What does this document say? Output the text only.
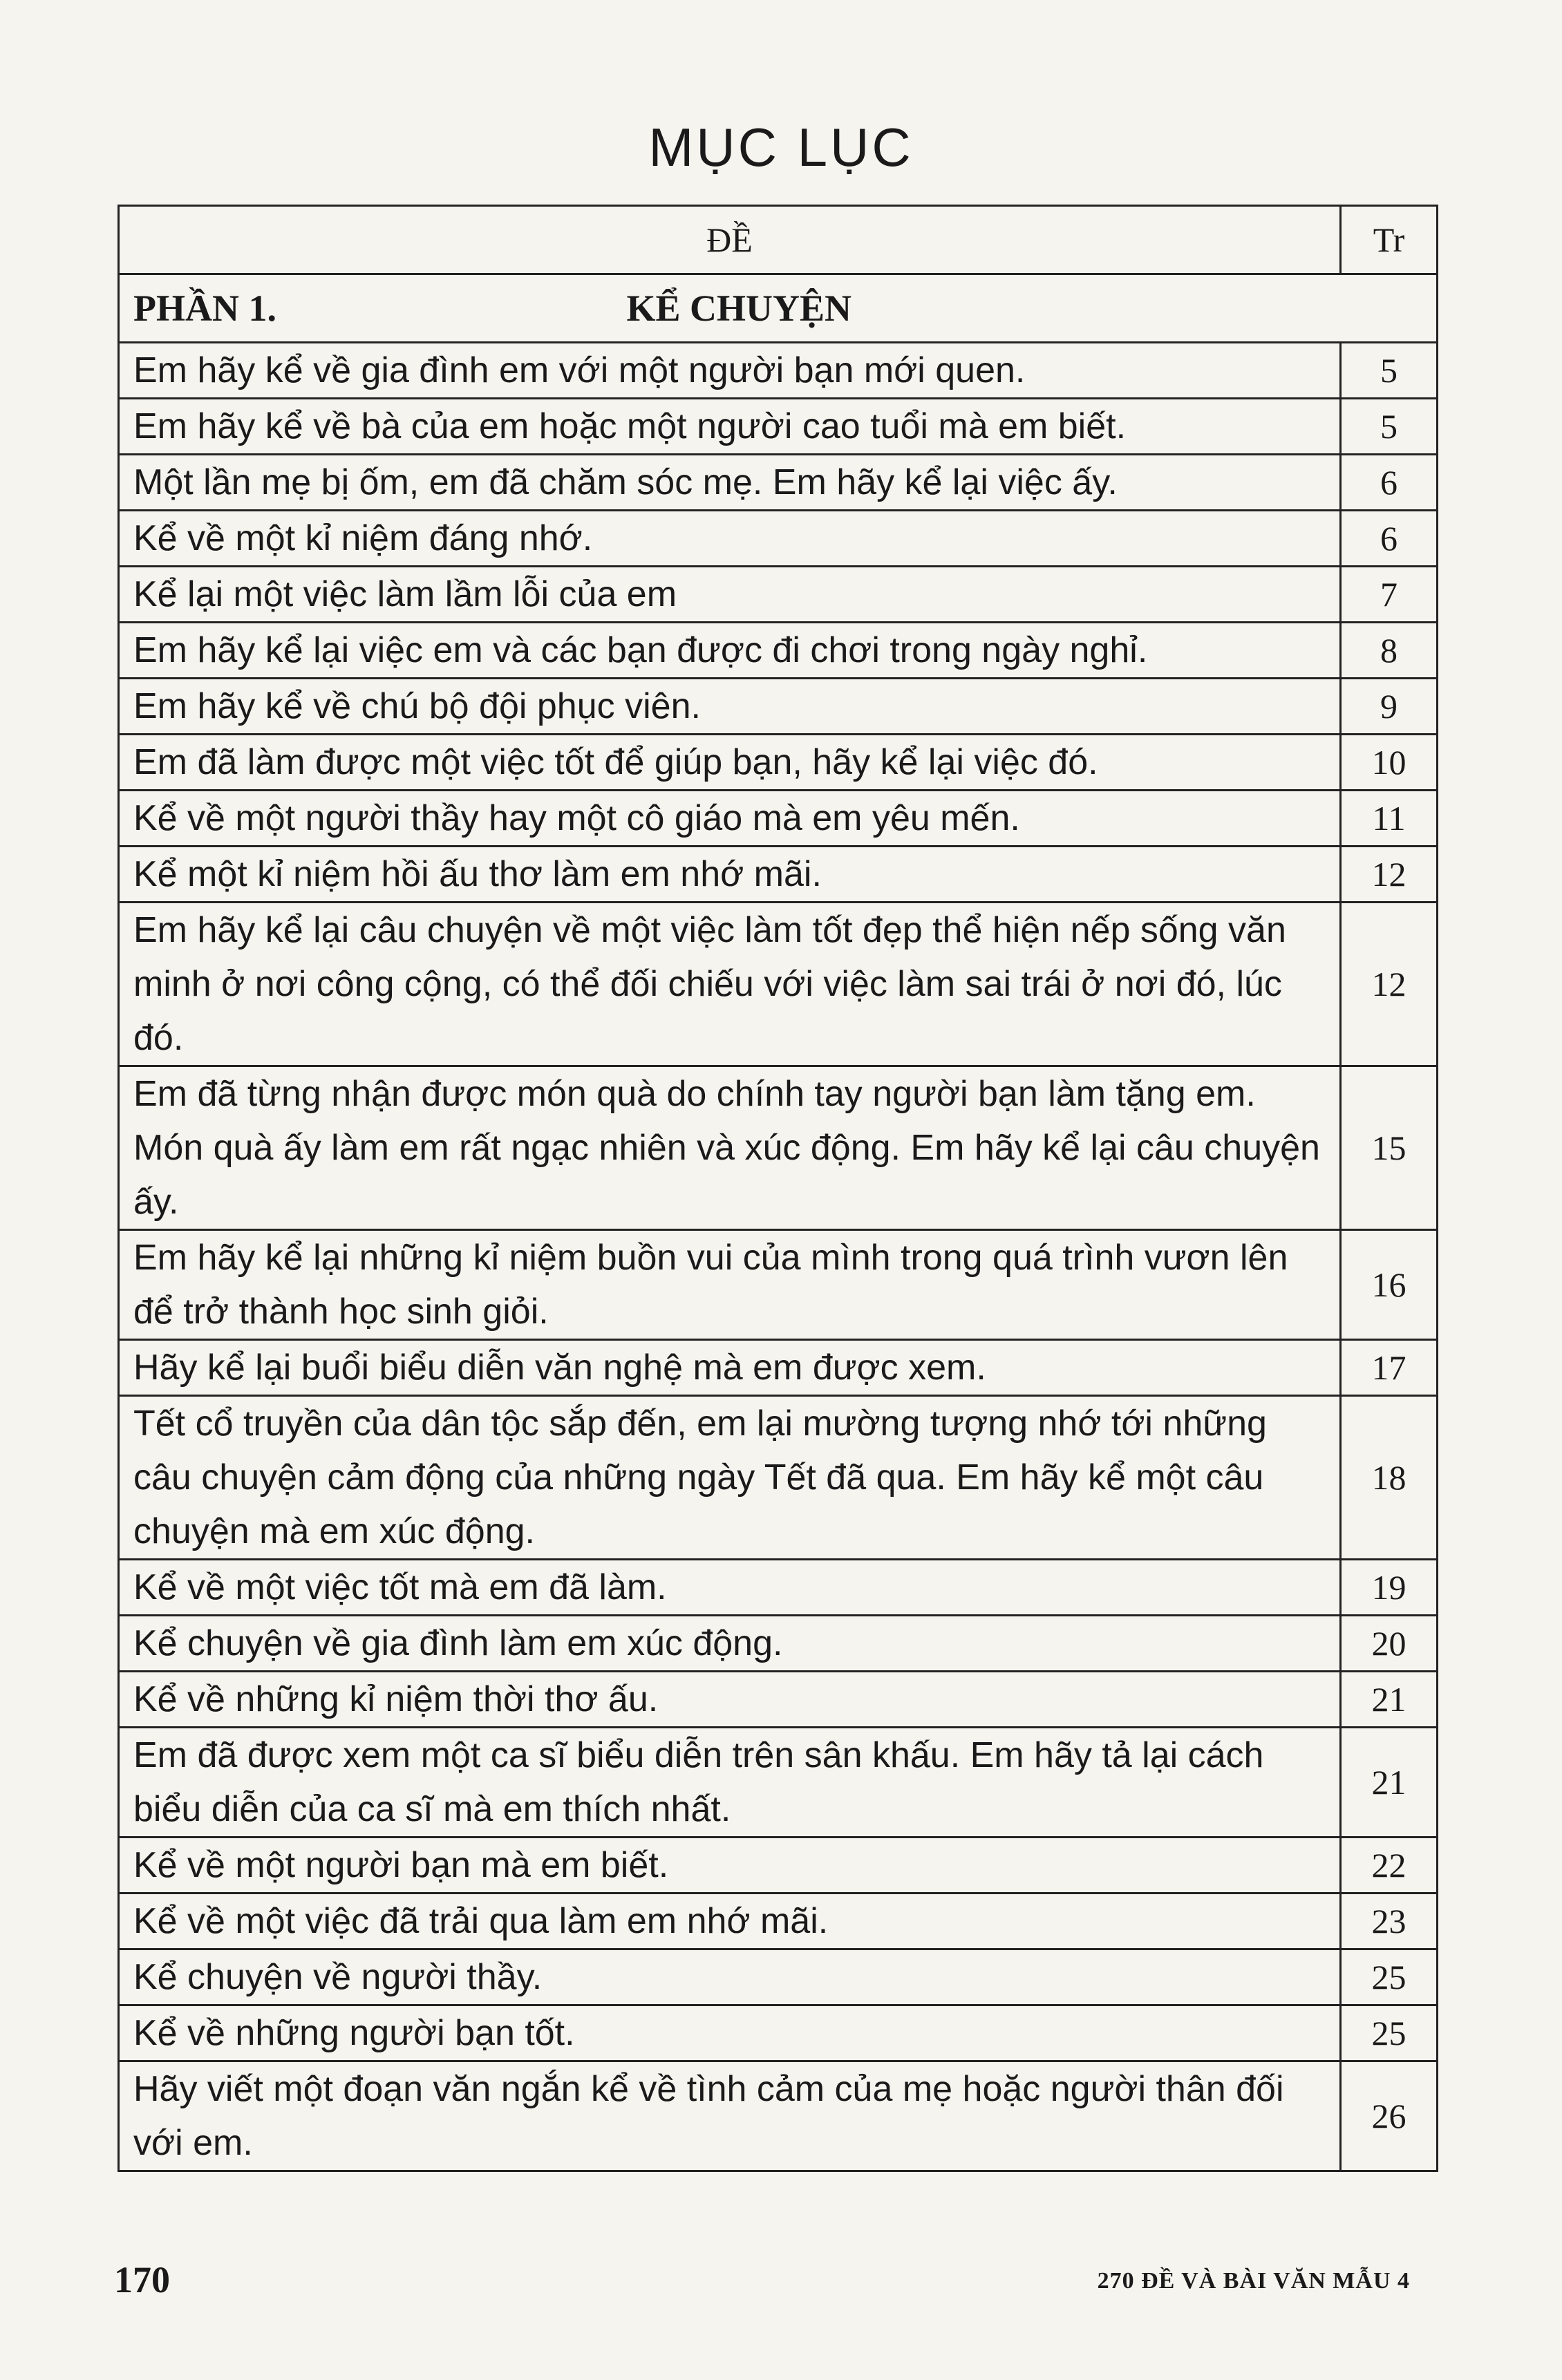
MỤC LỤC
ĐỀ	Tr
PHẦN 1. KỂ CHUYỆN	
Em hãy kể về gia đình em với một người bạn mới quen.	5
Em hãy kể về bà của em hoặc một người cao tuổi mà em biết.	5
Một lần mẹ bị ốm, em đã chăm sóc mẹ. Em hãy kể lại việc ấy.	6
Kể về một kỉ niệm đáng nhớ.	6
Kể lại một việc làm lầm lỗi của em	7
Em hãy kể lại việc em và các bạn được đi chơi trong ngày nghỉ.	8
Em hãy kể về chú bộ đội phục viên.	9
Em đã làm được một việc tốt để giúp bạn, hãy kể lại việc đó.	10
Kể về một người thầy hay một cô giáo mà em yêu mến.	11
Kể một kỉ niệm hồi ấu thơ làm em nhớ mãi.	12
Em hãy kể lại câu chuyện về một việc làm tốt đẹp thể hiện nếp sống văn minh ở nơi công cộng, có thể đối chiếu với việc làm sai trái ở nơi đó, lúc đó.	12
Em đã từng nhận được món quà do chính tay người bạn làm tặng em. Món quà ấy làm em rất ngạc nhiên và xúc động. Em hãy kể lại câu chuyện ấy.	15
Em hãy kể lại những kỉ niệm buồn vui của mình trong quá trình vươn lên để trở thành học sinh giỏi.	16
Hãy kể lại buổi biểu diễn văn nghệ mà em được xem.	17
Tết cổ truyền của dân tộc sắp đến, em lại mường tượng nhớ tới những câu chuyện cảm động của những ngày Tết đã qua. Em hãy kể một câu chuyện mà em xúc động.	18
Kể về một việc tốt mà em đã làm.	19
Kể chuyện về gia đình làm em xúc động.	20
Kể về những kỉ niệm thời thơ ấu.	21
Em đã được xem một ca sĩ biểu diễn trên sân khấu. Em hãy tả lại cách biểu diễn của ca sĩ mà em thích nhất.	21
Kể về một người bạn mà em biết.	22
Kể về một việc đã trải qua làm em nhớ mãi.	23
Kể chuyện về người thầy.	25
Kể về những người bạn tốt.	25
Hãy viết một đoạn văn ngắn kể về tình cảm của mẹ hoặc người thân đối với em.	26
170	270 ĐỀ VÀ BÀI VĂN MẪU 4
